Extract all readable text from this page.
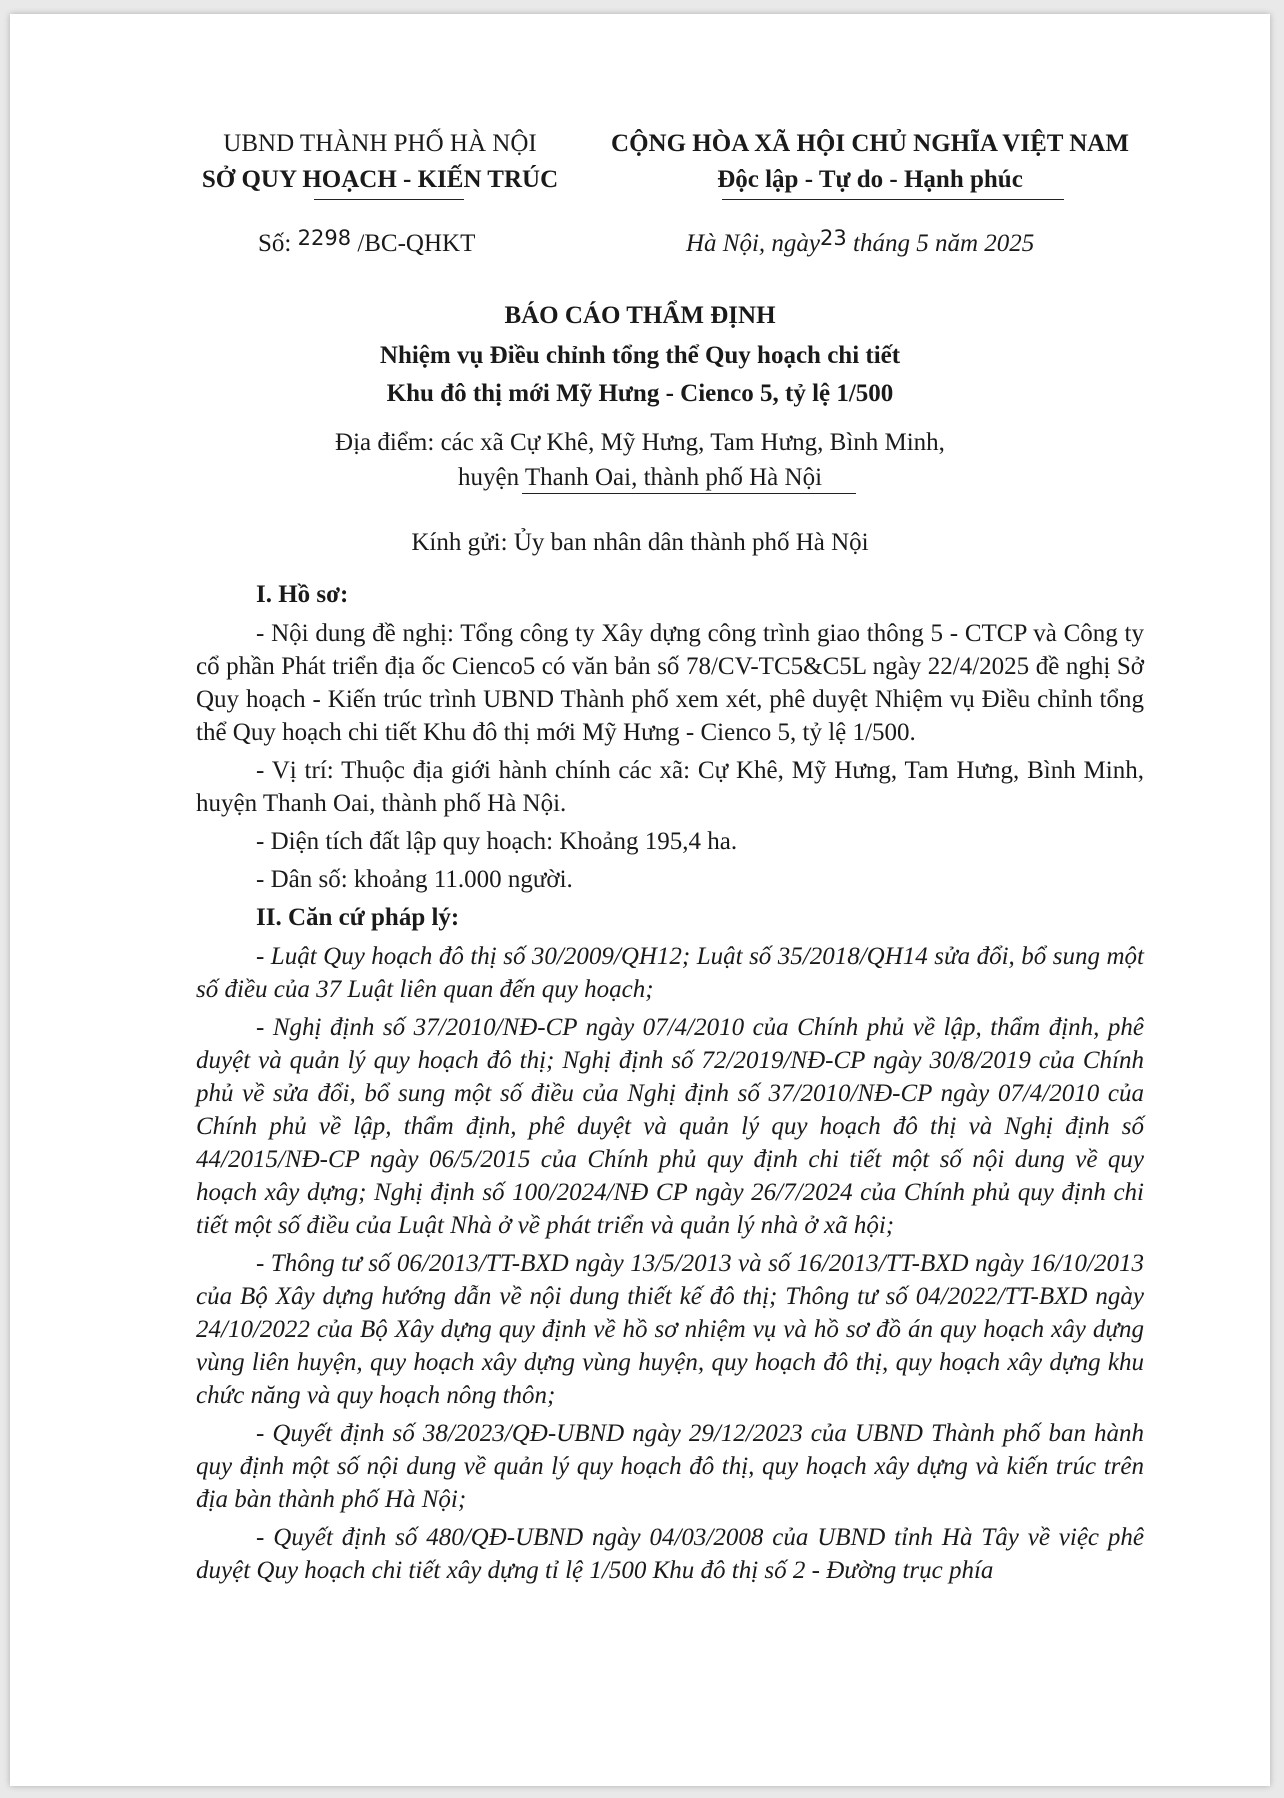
UBND THÀNH PHỐ HÀ NỘI
SỞ QUY HOẠCH - KIẾN TRÚC
CỘNG HÒA XÃ HỘI CHỦ NGHĨA VIỆT NAM
Độc lập - Tự do - Hạnh phúc
Số: $^{2298}$ /BC-QHKT	Hà Nội, ngày$^{23}$ tháng 5 năm 2025
BÁO CÁO THẨM ĐỊNH
Nhiệm vụ Điều chỉnh tổng thể Quy hoạch chi tiết
Khu đô thị mới Mỹ Hưng - Cienco 5, tỷ lệ 1/500
Địa điểm: các xã Cự Khê, Mỹ Hưng, Tam Hưng, Bình Minh,
huyện Thanh Oai, thành phố Hà Nội
Kính gửi: Ủy ban nhân dân thành phố Hà Nội
I. Hồ sơ:

- Nội dung đề nghị: Tổng công ty Xây dựng công trình giao thông 5 - CTCP và Công ty cổ phần Phát triển địa ốc Cienco5 có văn bản số 78/CV-TC5&C5L ngày 22/4/2025 đề nghị Sở Quy hoạch - Kiến trúc trình UBND Thành phố xem xét, phê duyệt Nhiệm vụ Điều chỉnh tổng thể Quy hoạch chi tiết Khu đô thị mới Mỹ Hưng - Cienco 5, tỷ lệ 1/500.

- Vị trí: Thuộc địa giới hành chính các xã: Cự Khê, Mỹ Hưng, Tam Hưng, Bình Minh, huyện Thanh Oai, thành phố Hà Nội.

- Diện tích đất lập quy hoạch: Khoảng 195,4 ha.

- Dân số: khoảng 11.000 người.

II. Căn cứ pháp lý:

- Luật Quy hoạch đô thị số 30/2009/QH12; Luật số 35/2018/QH14 sửa đổi, bổ sung một số điều của 37 Luật liên quan đến quy hoạch;

- Nghị định số 37/2010/NĐ-CP ngày 07/4/2010 của Chính phủ về lập, thẩm định, phê duyệt và quản lý quy hoạch đô thị; Nghị định số 72/2019/NĐ-CP ngày 30/8/2019 của Chính phủ về sửa đổi, bổ sung một số điều của Nghị định số 37/2010/NĐ-CP ngày 07/4/2010 của Chính phủ về lập, thẩm định, phê duyệt và quản lý quy hoạch đô thị và Nghị định số 44/2015/NĐ-CP ngày 06/5/2015 của Chính phủ quy định chi tiết một số nội dung về quy hoạch xây dựng; Nghị định số 100/2024/NĐ CP ngày 26/7/2024 của Chính phủ quy định chi tiết một số điều của Luật Nhà ở về phát triển và quản lý nhà ở xã hội;

- Thông tư số 06/2013/TT-BXD ngày 13/5/2013 và số 16/2013/TT-BXD ngày 16/10/2013 của Bộ Xây dựng hướng dẫn về nội dung thiết kế đô thị; Thông tư số 04/2022/TT-BXD ngày 24/10/2022 của Bộ Xây dựng quy định về hồ sơ nhiệm vụ và hồ sơ đồ án quy hoạch xây dựng vùng liên huyện, quy hoạch xây dựng vùng huyện, quy hoạch đô thị, quy hoạch xây dựng khu chức năng và quy hoạch nông thôn;

- Quyết định số 38/2023/QĐ-UBND ngày 29/12/2023 của UBND Thành phố ban hành quy định một số nội dung về quản lý quy hoạch đô thị, quy hoạch xây dựng và kiến trúc trên địa bàn thành phố Hà Nội;

- Quyết định số 480/QĐ-UBND ngày 04/03/2008 của UBND tỉnh Hà Tây về việc phê duyệt Quy hoạch chi tiết xây dựng tỉ lệ 1/500 Khu đô thị số 2 - Đường trục phía
